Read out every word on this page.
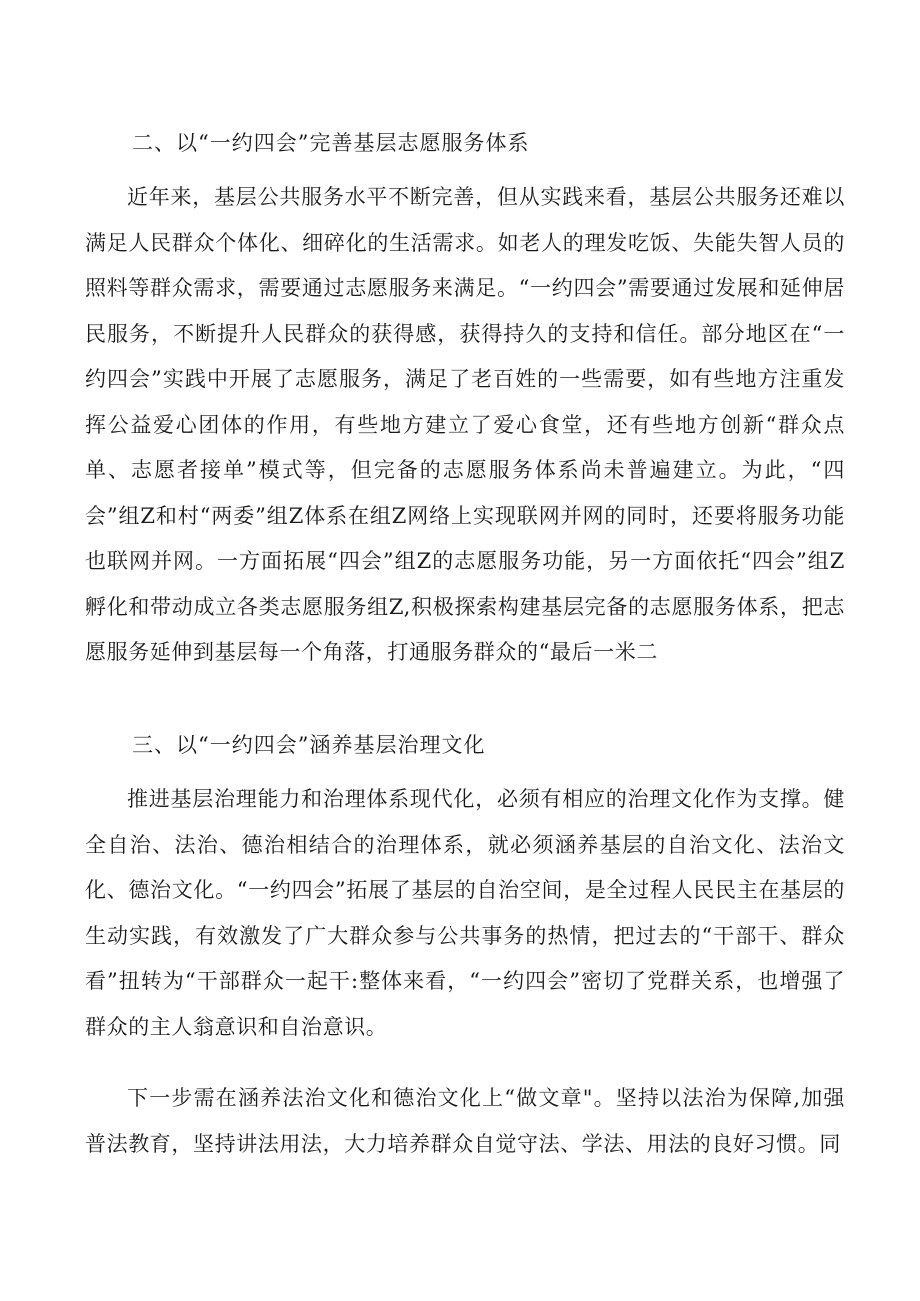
二、以“一约四会”完善基层志愿服务体系

近年来，基层公共服务水平不断完善，但从实践来看，基层公共服务还难以满足人民群众个体化、细碎化的生活需求。如老人的理发吃饭、失能失智人员的照料等群众需求，需要通过志愿服务来满足。“一约四会”需要通过发展和延伸居民服务，不断提升人民群众的获得感，获得持久的支持和信任。部分地区在“一约四会”实践中开展了志愿服务，满足了老百姓的一些需要，如有些地方注重发挥公益爱心团体的作用，有些地方建立了爱心食堂，还有些地方创新“群众点单、志愿者接单”模式等，但完备的志愿服务体系尚未普遍建立。为此，“四会”组Z和村“两委”组Z体系在组Z网络上实现联网并网的同时，还要将服务功能也联网并网。一方面拓展“四会”组Z的志愿服务功能，另一方面依托“四会”组Z孵化和带动成立各类志愿服务组Z,积极探索构建基层完备的志愿服务体系，把志愿服务延伸到基层每一个角落，打通服务群众的“最后一米二

三、以“一约四会”涵养基层治理文化

推进基层治理能力和治理体系现代化，必须有相应的治理文化作为支撑。健全自治、法治、德治相结合的治理体系，就必须涵养基层的自治文化、法治文化、德治文化。“一约四会”拓展了基层的自治空间，是全过程人民民主在基层的生动实践，有效激发了广大群众参与公共事务的热情，把过去的“干部干、群众看”扭转为“干部群众一起干:整体来看，“一约四会”密切了党群关系，也增强了群众的主人翁意识和自治意识。

下一步需在涵养法治文化和德治文化上“做文章"。坚持以法治为保障,加强普法教育，坚持讲法用法，大力培养群众自觉守法、学法、用法的良好习惯。同
